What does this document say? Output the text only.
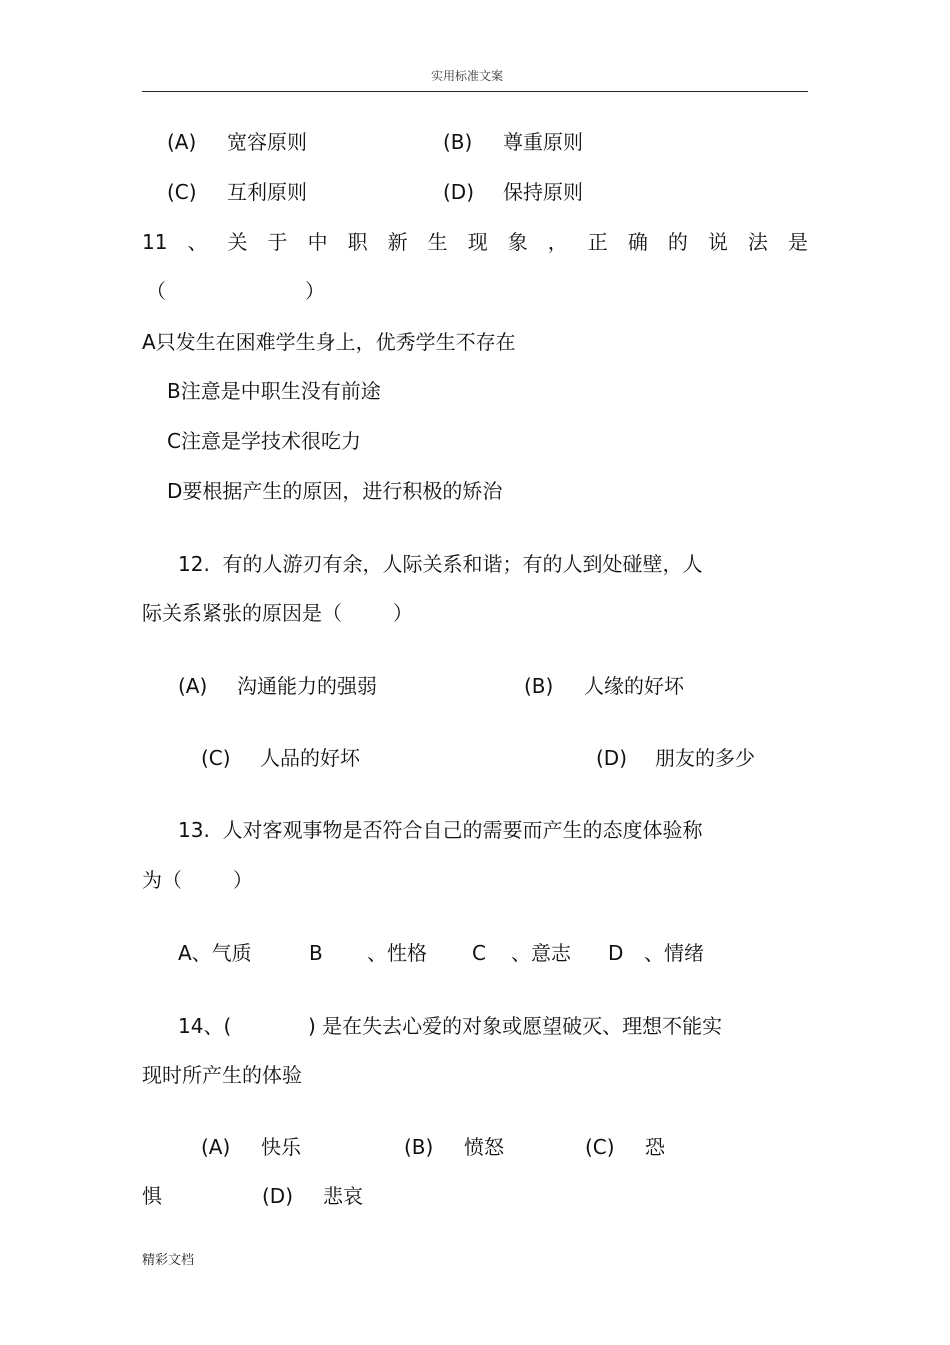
实用标准文案
(A) 宽容原则	(B) 尊重原则
(C) 互利原则	(D) 保持原则
11 、 关 于 中 职 新 生 现 象 ， 正 确 的 说 法 是
（	）
A只发生在困难学生身上，优秀学生不存在
B注意是中职生没有前途
C注意是学技术很吃力
D要根据产生的原因，进行积极的矫治
12.  有的人游刃有余，人际关系和谐；有的人到处碰壁，人
际关系紧张的原因是（        ）
(A) 沟通能力的强弱	(B) 人缘的好坏
(C) 人品的好坏	(D) 朋友的多少
13.  人对客观事物是否符合自己的需要而产生的态度体验称
为（        ）
A、气质	B 、性格 C 、意志 D 、情绪
14、(	) 是在失去心爱的对象或愿望破灭、理想不能实
现时所产生的体验
(A) 快乐	(B) 愤怒	(C) 恐
惧	(D) 悲哀
精彩文档
